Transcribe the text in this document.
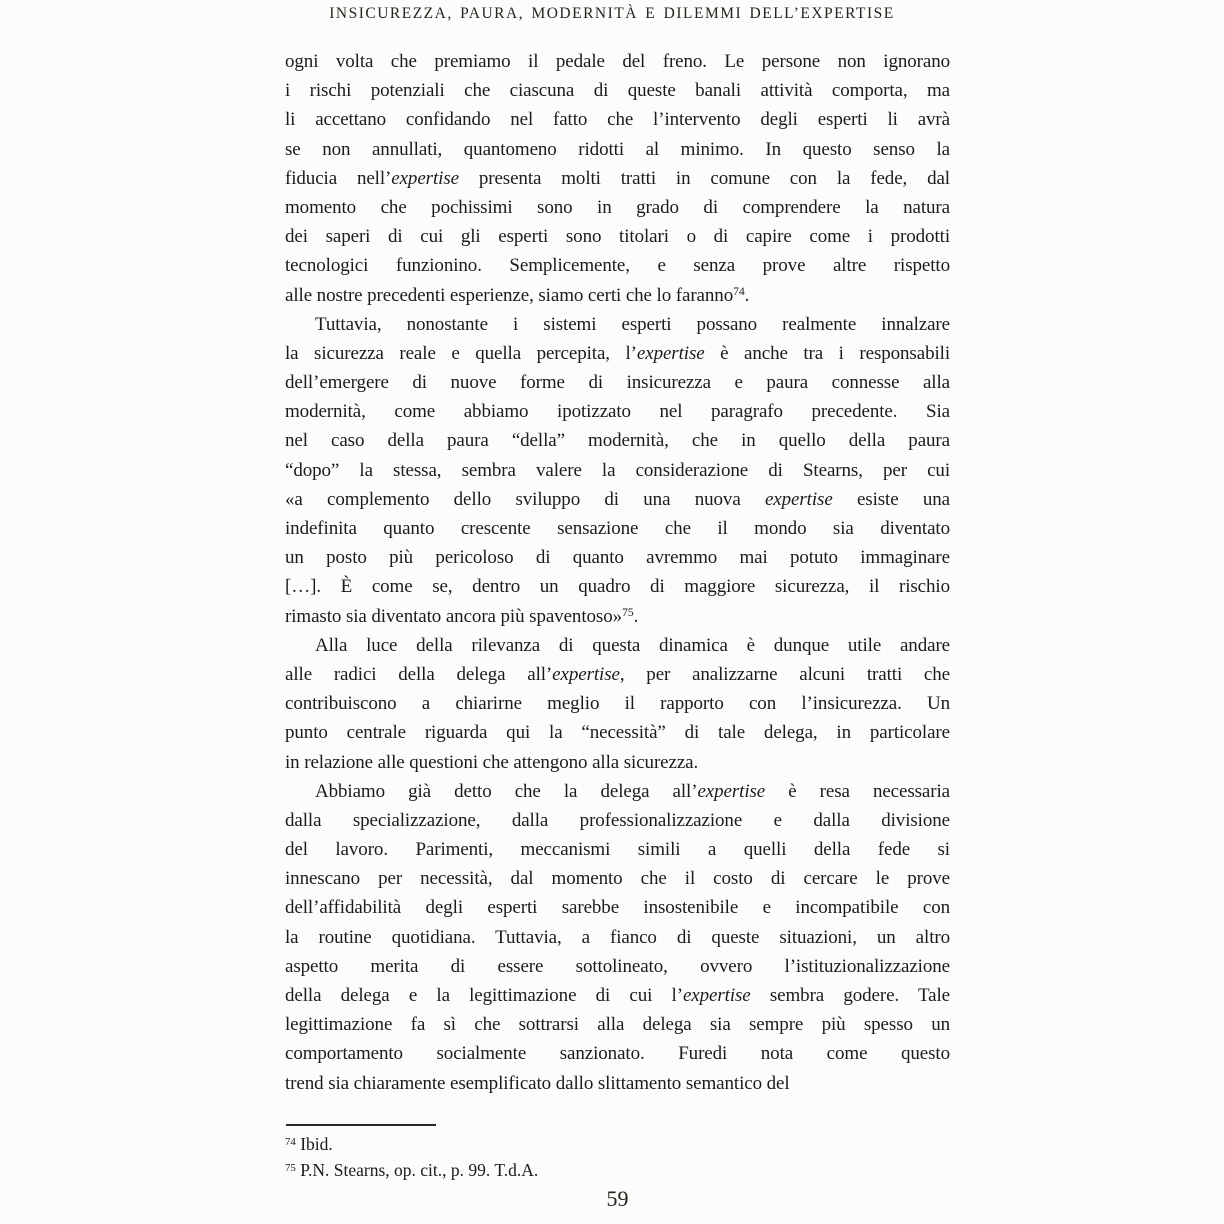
INSICUREZZA, PAURA, MODERNITÀ E DILEMMI DELL’EXPERTISE
ogni volta che premiamo il pedale del freno. Le persone non ignorano
i rischi potenziali che ciascuna di queste banali attività comporta, ma
li accettano confidando nel fatto che l’intervento degli esperti li avrà
se non annullati, quantomeno ridotti al minimo. In questo senso la
fiducia nell’expertise presenta molti tratti in comune con la fede, dal
momento che pochissimi sono in grado di comprendere la natura
dei saperi di cui gli esperti sono titolari o di capire come i prodotti
tecnologici funzionino. Semplicemente, e senza prove altre rispetto
alle nostre precedenti esperienze, siamo certi che lo faranno$^{74}$.
Tuttavia, nonostante i sistemi esperti possano realmente innalzare
la sicurezza reale e quella percepita, l’expertise è anche tra i responsabili
dell’emergere di nuove forme di insicurezza e paura connesse alla
modernità, come abbiamo ipotizzato nel paragrafo precedente. Sia
nel caso della paura “della” modernità, che in quello della paura
“dopo” la stessa, sembra valere la considerazione di Stearns, per cui
«a complemento dello sviluppo di una nuova expertise esiste una
indefinita quanto crescente sensazione che il mondo sia diventato
un posto più pericoloso di quanto avremmo mai potuto immaginare
[…]. È come se, dentro un quadro di maggiore sicurezza, il rischio
rimasto sia diventato ancora più spaventoso»$^{75}$.
Alla luce della rilevanza di questa dinamica è dunque utile andare
alle radici della delega all’expertise, per analizzarne alcuni tratti che
contribuiscono a chiarirne meglio il rapporto con l’insicurezza. Un
punto centrale riguarda qui la “necessità” di tale delega, in particolare
in relazione alle questioni che attengono alla sicurezza.
Abbiamo già detto che la delega all’expertise è resa necessaria
dalla specializzazione, dalla professionalizzazione e dalla divisione
del lavoro. Parimenti, meccanismi simili a quelli della fede si
innescano per necessità, dal momento che il costo di cercare le prove
dell’affidabilità degli esperti sarebbe insostenibile e incompatibile con
la routine quotidiana. Tuttavia, a fianco di queste situazioni, un altro
aspetto merita di essere sottolineato, ovvero l’istituzionalizzazione
della delega e la legittimazione di cui l’expertise sembra godere. Tale
legittimazione fa sì che sottrarsi alla delega sia sempre più spesso un
comportamento socialmente sanzionato. Furedi nota come questo
trend sia chiaramente esemplificato dallo slittamento semantico del
$^{74}$ Ibid.
$^{75}$ P.N. Stearns, op. cit., p. 99. T.d.A.
59
